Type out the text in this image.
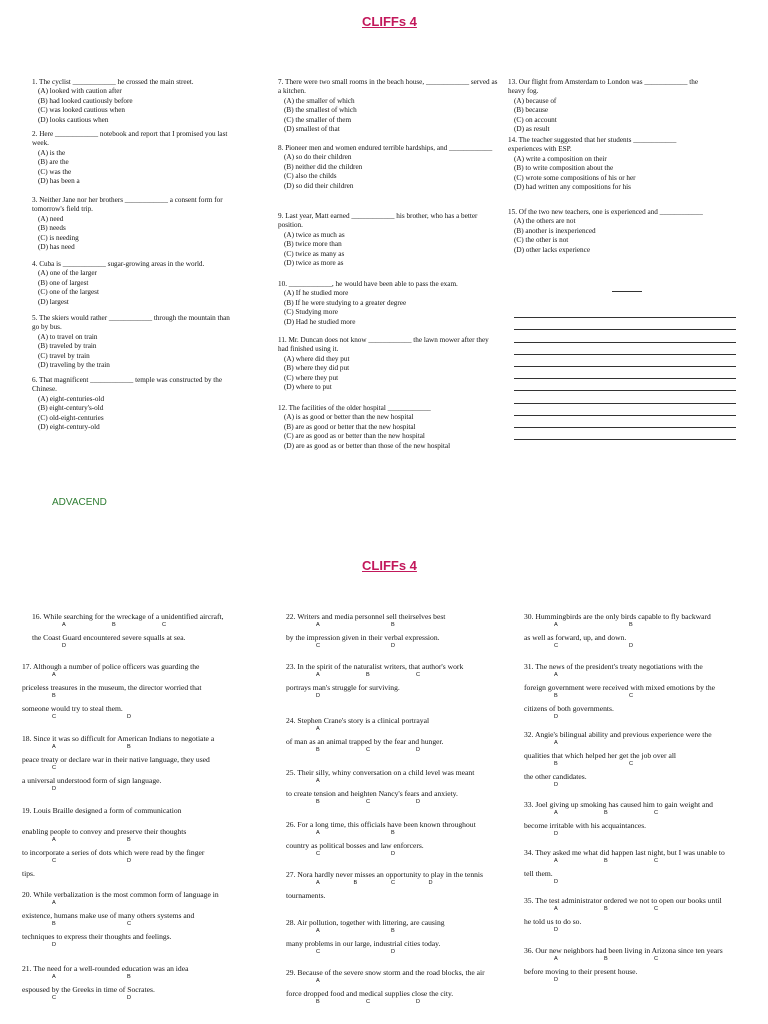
CLIFFs 4
1. The cyclist ____________ he crossed the main street.
(A) looked with caution after
(B) had looked cautiously before
(C) was looked cautious when
(D) looks cautious when
2. Here ____________ notebook and report that I promised you last week.
(A) is the
(B) are the
(C) was the
(D) has been a
3. Neither Jane nor her brothers ____________ a consent form for tomorrow's field trip.
(A) need
(B) needs
(C) is needing
(D) has need
4. Cuba is ____________ sugar-growing areas in the world.
(A) one of the larger
(B) one of largest
(C) one of the largest
(D) largest
5. The skiers would rather ____________ through the mountain than go by bus.
(A) to travel on train
(B) traveled by train
(C) travel by train
(D) traveling by the train
6. That magnificent ____________ temple was constructed by the Chinese.
(A) eight-centuries-old
(B) eight-century's-old
(C) old-eight-centuries
(D) eight-century-old
7. There were two small rooms in the beach house, ____________ served as a kitchen.
(A) the smaller of which
(B) the smallest of which
(C) the smaller of them
(D) smallest of that
8. Pioneer men and women endured terrible hardships, and ____________
(A) so do their children
(B) neither did the children
(C) also the childs
(D) so did their children
9. Last year, Matt earned ____________ his brother, who has a better position.
(A) twice as much as
(B) twice more than
(C) twice as many as
(D) twice as more as
10. ____________, he would have been able to pass the exam.
(A) If he studied more
(B) If he were studying to a greater degree
(C) Studying more
(D) Had he studied more
11. Mr. Duncan does not know ____________ the lawn mower after they had finished using it.
(A) where did they put
(B) where they did put
(C) where they put
(D) where to put
12. The facilities of the older hospital ____________
(A) is as good or better than the new hospital
(B) are as good or better that the new hospital
(C) are as good as or better than the new hospital
(D) are as good as or better than those of the new hospital
13. Our flight from Amsterdam to London was ____________ the heavy fog.
(A) because of
(B) because
(C) on account
(D) as result
14. The teacher suggested that her students ____________ experiences with ESP.
(A) write a composition on their
(B) to write composition about the
(C) wrote some compositions of his or her
(D) had written any compositions for his
15. Of the two new teachers, one is experienced and ____________
(A) the others are not
(B) another is inexperienced
(C) the other is not
(D) other lacks experience
ADVACEND
CLIFFs 4
16. While searching for the wreckage of a unidentified aircraft,
A	B	C
the Coast Guard encountered severe squalls at sea.
D
17. Although a number of police officers was guarding the
A
priceless treasures in the museum, the director worried that
B
someone would try to steal them.
C	D
18. Since it was so difficult for American Indians to negotiate a
A	B
peace treaty or declare war in their native language, they used
C
a universal understood form of sign language.
D
19. Louis Braille designed a form of communication
enabling people to convey and preserve their thoughts
A	B
to incorporate a series of dots which were read by the finger
C	D
tips.
20. While verbalization is the most common form of language in
A
existence, humans make use of many others systems and
B	C
techniques to express their thoughts and feelings.
D
21. The need for a well-rounded education was an idea
A	B
espoused by the Greeks in time of Socrates.
C	D
22. Writers and media personnel sell theirselves best
A	B
by the impression given in their verbal expression.
C	D
23. In the spirit of the naturalist writers, that author's work
A	B	C
portrays man's struggle for surviving.
D
24. Stephen Crane's story is a clinical portrayal
A
of man as an animal trapped by the fear and hunger.
B	C	D
25. Their silly, whiny conversation on a child level was meant
A
to create tension and heighten Nancy's fears and anxiety.
B	C	D
26. For a long time, this officials have been known throughout
A	B
country as political bosses and law enforcers.
C	D
27. Nora hardly never misses an opportunity to play in the tennis
A	B	C	D
tournaments.
28. Air pollution, together with littering, are causing
A	B
many problems in our large, industrial cities today.
C	D
29. Because of the severe snow storm and the road blocks, the air
A
force dropped food and medical supplies close the city.
B	C	D
30. Hummingbirds are the only birds capable to fly backward
A	B
as well as forward, up, and down.
C	D
31. The news of the president's treaty negotiations with the
A
foreign government were received with mixed emotions by the
B	C
citizens of both governments.
D
32. Angie's bilingual ability and previous experience were the
A
qualities that which helped her get the job over all
B	C
the other candidates.
D
33. Joel giving up smoking has caused him to gain weight and
A	B	C
become irritable with his acquaintances.
D
34. They asked me what did happen last night, but I was unable to
A	B	C
tell them.
D
35. The test administrator ordered we not to open our books until
A	B	C
he told us to do so.
D
36. Our new neighbors had been living in Arizona since ten years
A	B	C
before moving to their present house.
D
